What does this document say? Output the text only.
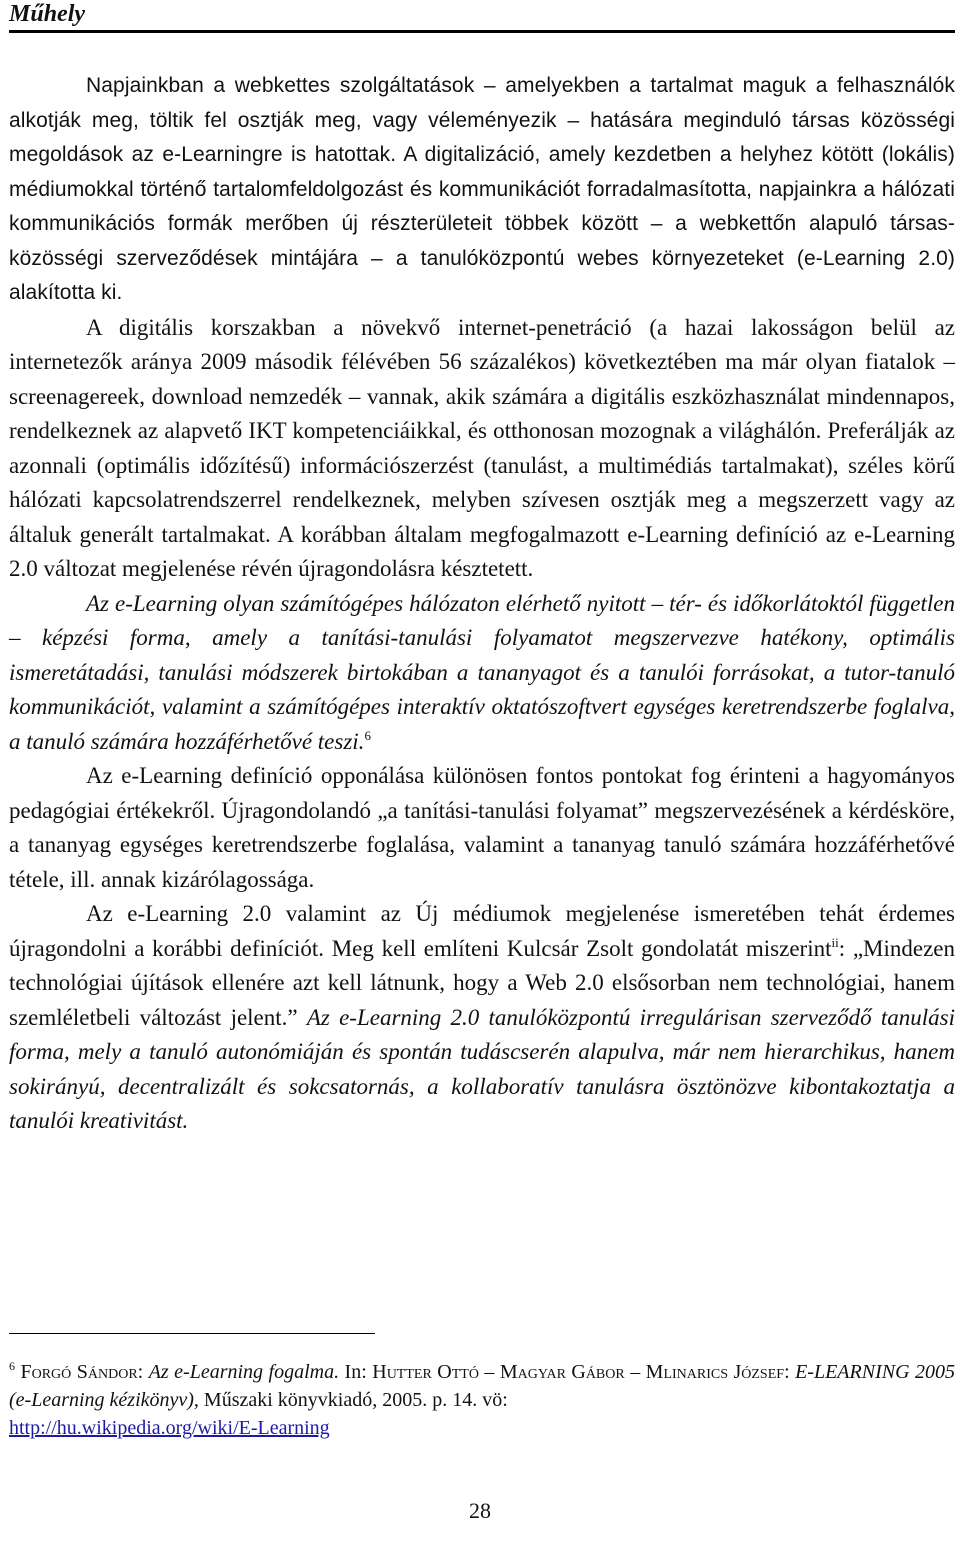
Műhely

Napjainkban a webkettes szolgáltatások – amelyekben a tartalmat maguk a felhasználók alkotják meg, töltik fel osztják meg, vagy véleményezik – hatására meginduló társas közösségi megoldások az e-Learningre is hatottak. A digitalizáció, amely kezdetben a helyhez kötött (lokális) médiumokkal történő tartalomfeldolgozást és kommunikációt forradalmasította, napjainkra a hálózati kommunikációs formák merőben új részterületeit többek között – a webkettőn alapuló társas-közösségi szerveződések mintájára – a tanulóközpontú webes környezeteket (e-Learning 2.0) alakította ki.

A digitális korszakban a növekvő internet-penetráció (a hazai lakosságon belül az internetezők aránya 2009 második félévében 56 százalékos) következtében ma már olyan fiatalok – screenagereek, download nemzedék – vannak, akik számára a digitális eszközhasználat mindennapos, rendelkeznek az alapvető IKT kompetenciáikkal, és otthonosan mozognak a világhálón. Preferálják az azonnali (optimális időzítésű) információszerzést (tanulást, a multimédiás tartalmakat), széles körű hálózati kapcsolatrendszerrel rendelkeznek, melyben szívesen osztják meg a megszerzett vagy az általuk generált tartalmakat. A korábban általam megfogalmazott e-Learning definíció az e-Learning 2.0 változat megjelenése révén újragondolásra késztetett.

Az e-Learning olyan számítógépes hálózaton elérhető nyitott – tér- és időkorlátoktól független – képzési forma, amely a tanítási-tanulási folyamatot megszervezve hatékony, optimális ismeretátadási, tanulási módszerek birtokában a tananyagot és a tanulói forrásokat, a tutor-tanuló kommunikációt, valamint a számítógépes interaktív oktatószoftvert egységes keretrendszerbe foglalva, a tanuló számára hozzáférhetővé teszi.$^6$

Az e-Learning definíció opponálása különösen fontos pontokat fog érinteni a hagyományos pedagógiai értékekről. Újragondolandó „a tanítási-tanulási folyamat” megszervezésének a kérdésköre, a tananyag egységes keretrendszerbe foglalása, valamint a tananyag tanuló számára hozzáférhetővé tétele, ill. annak kizárólagossága.

Az e-Learning 2.0 valamint az Új médiumok megjelenése ismeretében tehát érdemes újragondolni a korábbi definíciót. Meg kell említeni Kulcsár Zsolt gondolatát miszerint$^{ii}$: „Mindezen technológiai újítások ellenére azt kell látnunk, hogy a Web 2.0 elsősorban nem technológiai, hanem szemléletbeli változást jelent.” Az e-Learning 2.0 tanulóközpontú irregulárisan szerveződő tanulási forma, mely a tanuló autonómiáján és spontán tudáscserén alapulva, már nem hierarchikus, hanem sokirányú, decentralizált és sokcsatornás, a kollaboratív tanulásra ösztönözve kibontakoztatja a tanulói kreativitást.

$^6$ Forgó Sándor: Az e-Learning fogalma. In: Hutter Ottó – Magyar Gábor – Mlinarics József: E-LEARNING 2005 (e-Learning kézikönyv), Műszaki könyvkiadó, 2005. p. 14. vö:
http://hu.wikipedia.org/wiki/E-Learning
28
